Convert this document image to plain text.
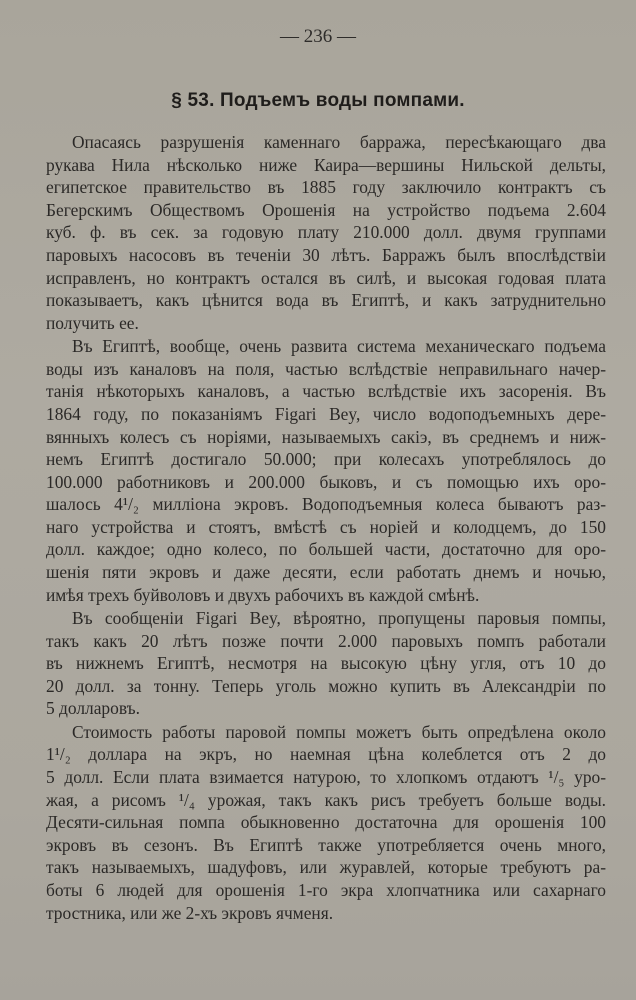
— 236 —
§ 53. Подъемъ воды помпами.
Опасаясь разрушенія каменнаго барража, пересѣкающаго два
рукава Нила нѣсколько ниже Каира—вершины Нильской дельты,
египетское правительство въ 1885 году заключило контрактъ съ
Бегерскимъ Обществомъ Орошенія на устройство подъема 2.604
куб. ф. въ сек. за годовую плату 210.000 долл. двумя группами
паровыхъ насосовъ въ теченіи 30 лѣтъ. Барражъ былъ впослѣдствіи
исправленъ, но контрактъ остался въ силѣ, и высокая годовая плата
показываетъ, какъ цѣнится вода въ Египтѣ, и какъ затруднительно
получить ее.
Въ Египтѣ, вообще, очень развита система механическаго подъема
воды изъ каналовъ на поля, частью вслѣдствіе неправильнаго начер-
танія нѣкоторыхъ каналовъ, а частью вслѣдствіе ихъ засоренія. Въ
1864 году, по показаніямъ Figari Bey, число водоподъемныхъ дере-
вянныхъ колесъ съ норіями, называемыхъ сакіэ, въ среднемъ и ниж-
немъ Египтѣ достигало 50.000; при колесахъ употреблялось до
100.000 работниковъ и 200.000 быковъ, и съ помощью ихъ оро-
шалось 4¹/₂ милліона экровъ. Водоподъемныя колеса бываютъ раз-
наго устройства и стоятъ, вмѣстѣ съ норіей и колодцемъ, до 150
долл. каждое; одно колесо, по большей части, достаточно для оро-
шенія пяти экровъ и даже десяти, если работать днемъ и ночью,
имѣя трехъ буйволовъ и двухъ рабочихъ въ каждой смѣнѣ.
Въ сообщеніи Figari Bey, вѣроятно, пропущены паровыя помпы,
такъ какъ 20 лѣтъ позже почти 2.000 паровыхъ помпъ работали
въ нижнемъ Египтѣ, несмотря на высокую цѣну угля, отъ 10 до
20 долл. за тонну. Теперь уголь можно купить въ Александріи по
5 долларовъ.
Стоимость работы паровой помпы можетъ быть опредѣлена около
1¹/₂ доллара на экръ, но наемная цѣна колеблется отъ 2 до
5 долл. Если плата взимается натурою, то хлопкомъ отдаютъ ¹/₅ уро-
жая, а рисомъ ¹/₄ урожая, такъ какъ рисъ требуетъ больше воды.
Десяти-сильная помпа обыкновенно достаточна для орошенія 100
экровъ въ сезонъ. Въ Египтѣ также употребляется очень много,
такъ называемыхъ, шадуфовъ, или журавлей, которые требуютъ ра-
боты 6 людей для орошенія 1-го экра хлопчатника или сахарнаго
тростника, или же 2-хъ экровъ ячменя.
